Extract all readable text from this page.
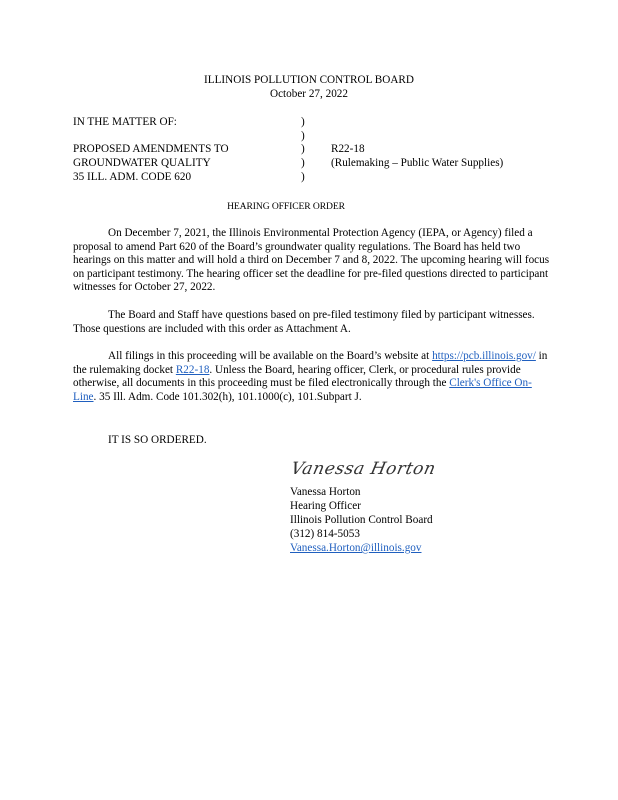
ILLINOIS POLLUTION CONTROL BOARD
October 27, 2022
IN THE MATTER OF:
PROPOSED AMENDMENTS TO
GROUNDWATER QUALITY
35 ILL. ADM. CODE 620
)
)
)
)
)
R22-18
(Rulemaking – Public Water Supplies)
HEARING OFFICER ORDER
On December 7, 2021, the Illinois Environmental Protection Agency (IEPA, or Agency) filed a proposal to amend Part 620 of the Board’s groundwater quality regulations. The Board has held two hearings on this matter and will hold a third on December 7 and 8, 2022. The upcoming hearing will focus on participant testimony. The hearing officer set the deadline for pre-filed questions directed to participant witnesses for October 27, 2022.
The Board and Staff have questions based on pre-filed testimony filed by participant witnesses. Those questions are included with this order as Attachment A.
All filings in this proceeding will be available on the Board’s website at https://pcb.illinois.gov/ in the rulemaking docket R22-18. Unless the Board, hearing officer, Clerk, or procedural rules provide otherwise, all documents in this proceeding must be filed electronically through the Clerk's Office On-Line. 35 Ill. Adm. Code 101.302(h), 101.1000(c), 101.Subpart J.
IT IS SO ORDERED.
Vanessa Horton
Vanessa Horton
Hearing Officer
Illinois Pollution Control Board
(312) 814-5053
Vanessa.Horton@illinois.gov
